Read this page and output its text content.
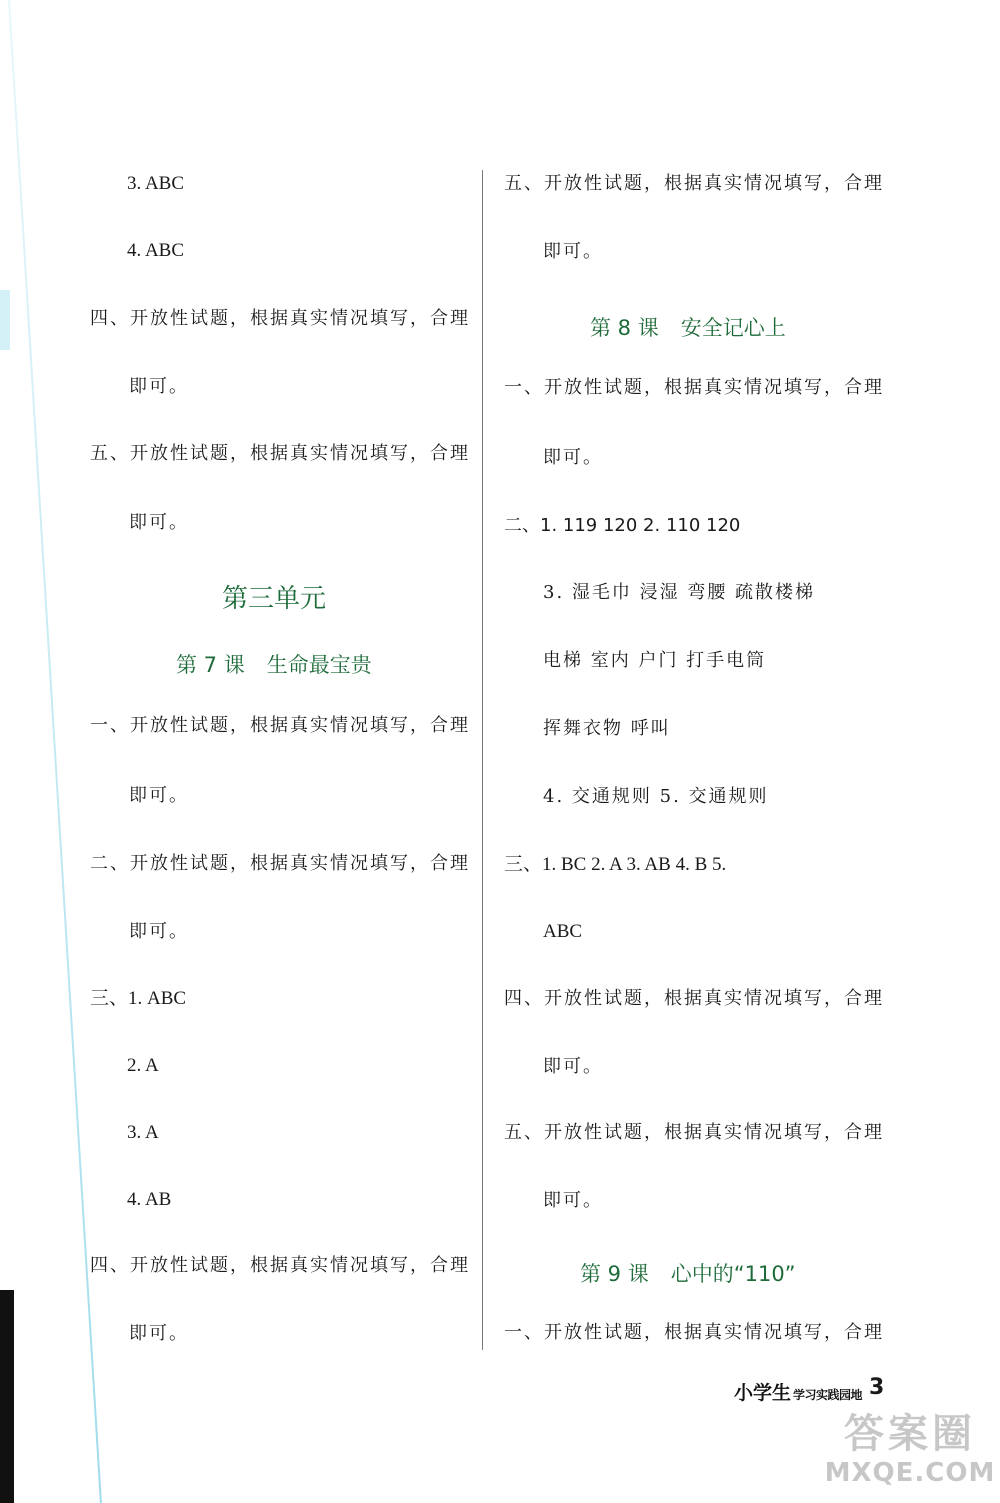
3. ABC
4. ABC
四、开放性试题，根据真实情况填写，合理
即可。
五、开放性试题，根据真实情况填写，合理
即可。
第三单元
第 7 课 生命最宝贵
一、开放性试题，根据真实情况填写，合理
即可。
二、开放性试题，根据真实情况填写，合理
即可。
三、1. ABC
2. A
3. A
4. AB
四、开放性试题，根据真实情况填写，合理
即可。
五、开放性试题，根据真实情况填写，合理
即可。
第 8 课 安全记心上
一、开放性试题，根据真实情况填写，合理
即可。
二、1. 119 120 2. 110 120
3. 湿毛巾 浸湿 弯腰 疏散楼梯
电梯 室内 户门 打手电筒
挥舞衣物 呼叫
4. 交通规则 5. 交通规则
三、1. BC 2. A 3. AB 4. B 5.
ABC
四、开放性试题，根据真实情况填写，合理
即可。
五、开放性试题，根据真实情况填写，合理
即可。
第 9 课 心中的“110”
一、开放性试题，根据真实情况填写，合理
小学生 学习实践园地 3
答案圈
MXQE.COM
